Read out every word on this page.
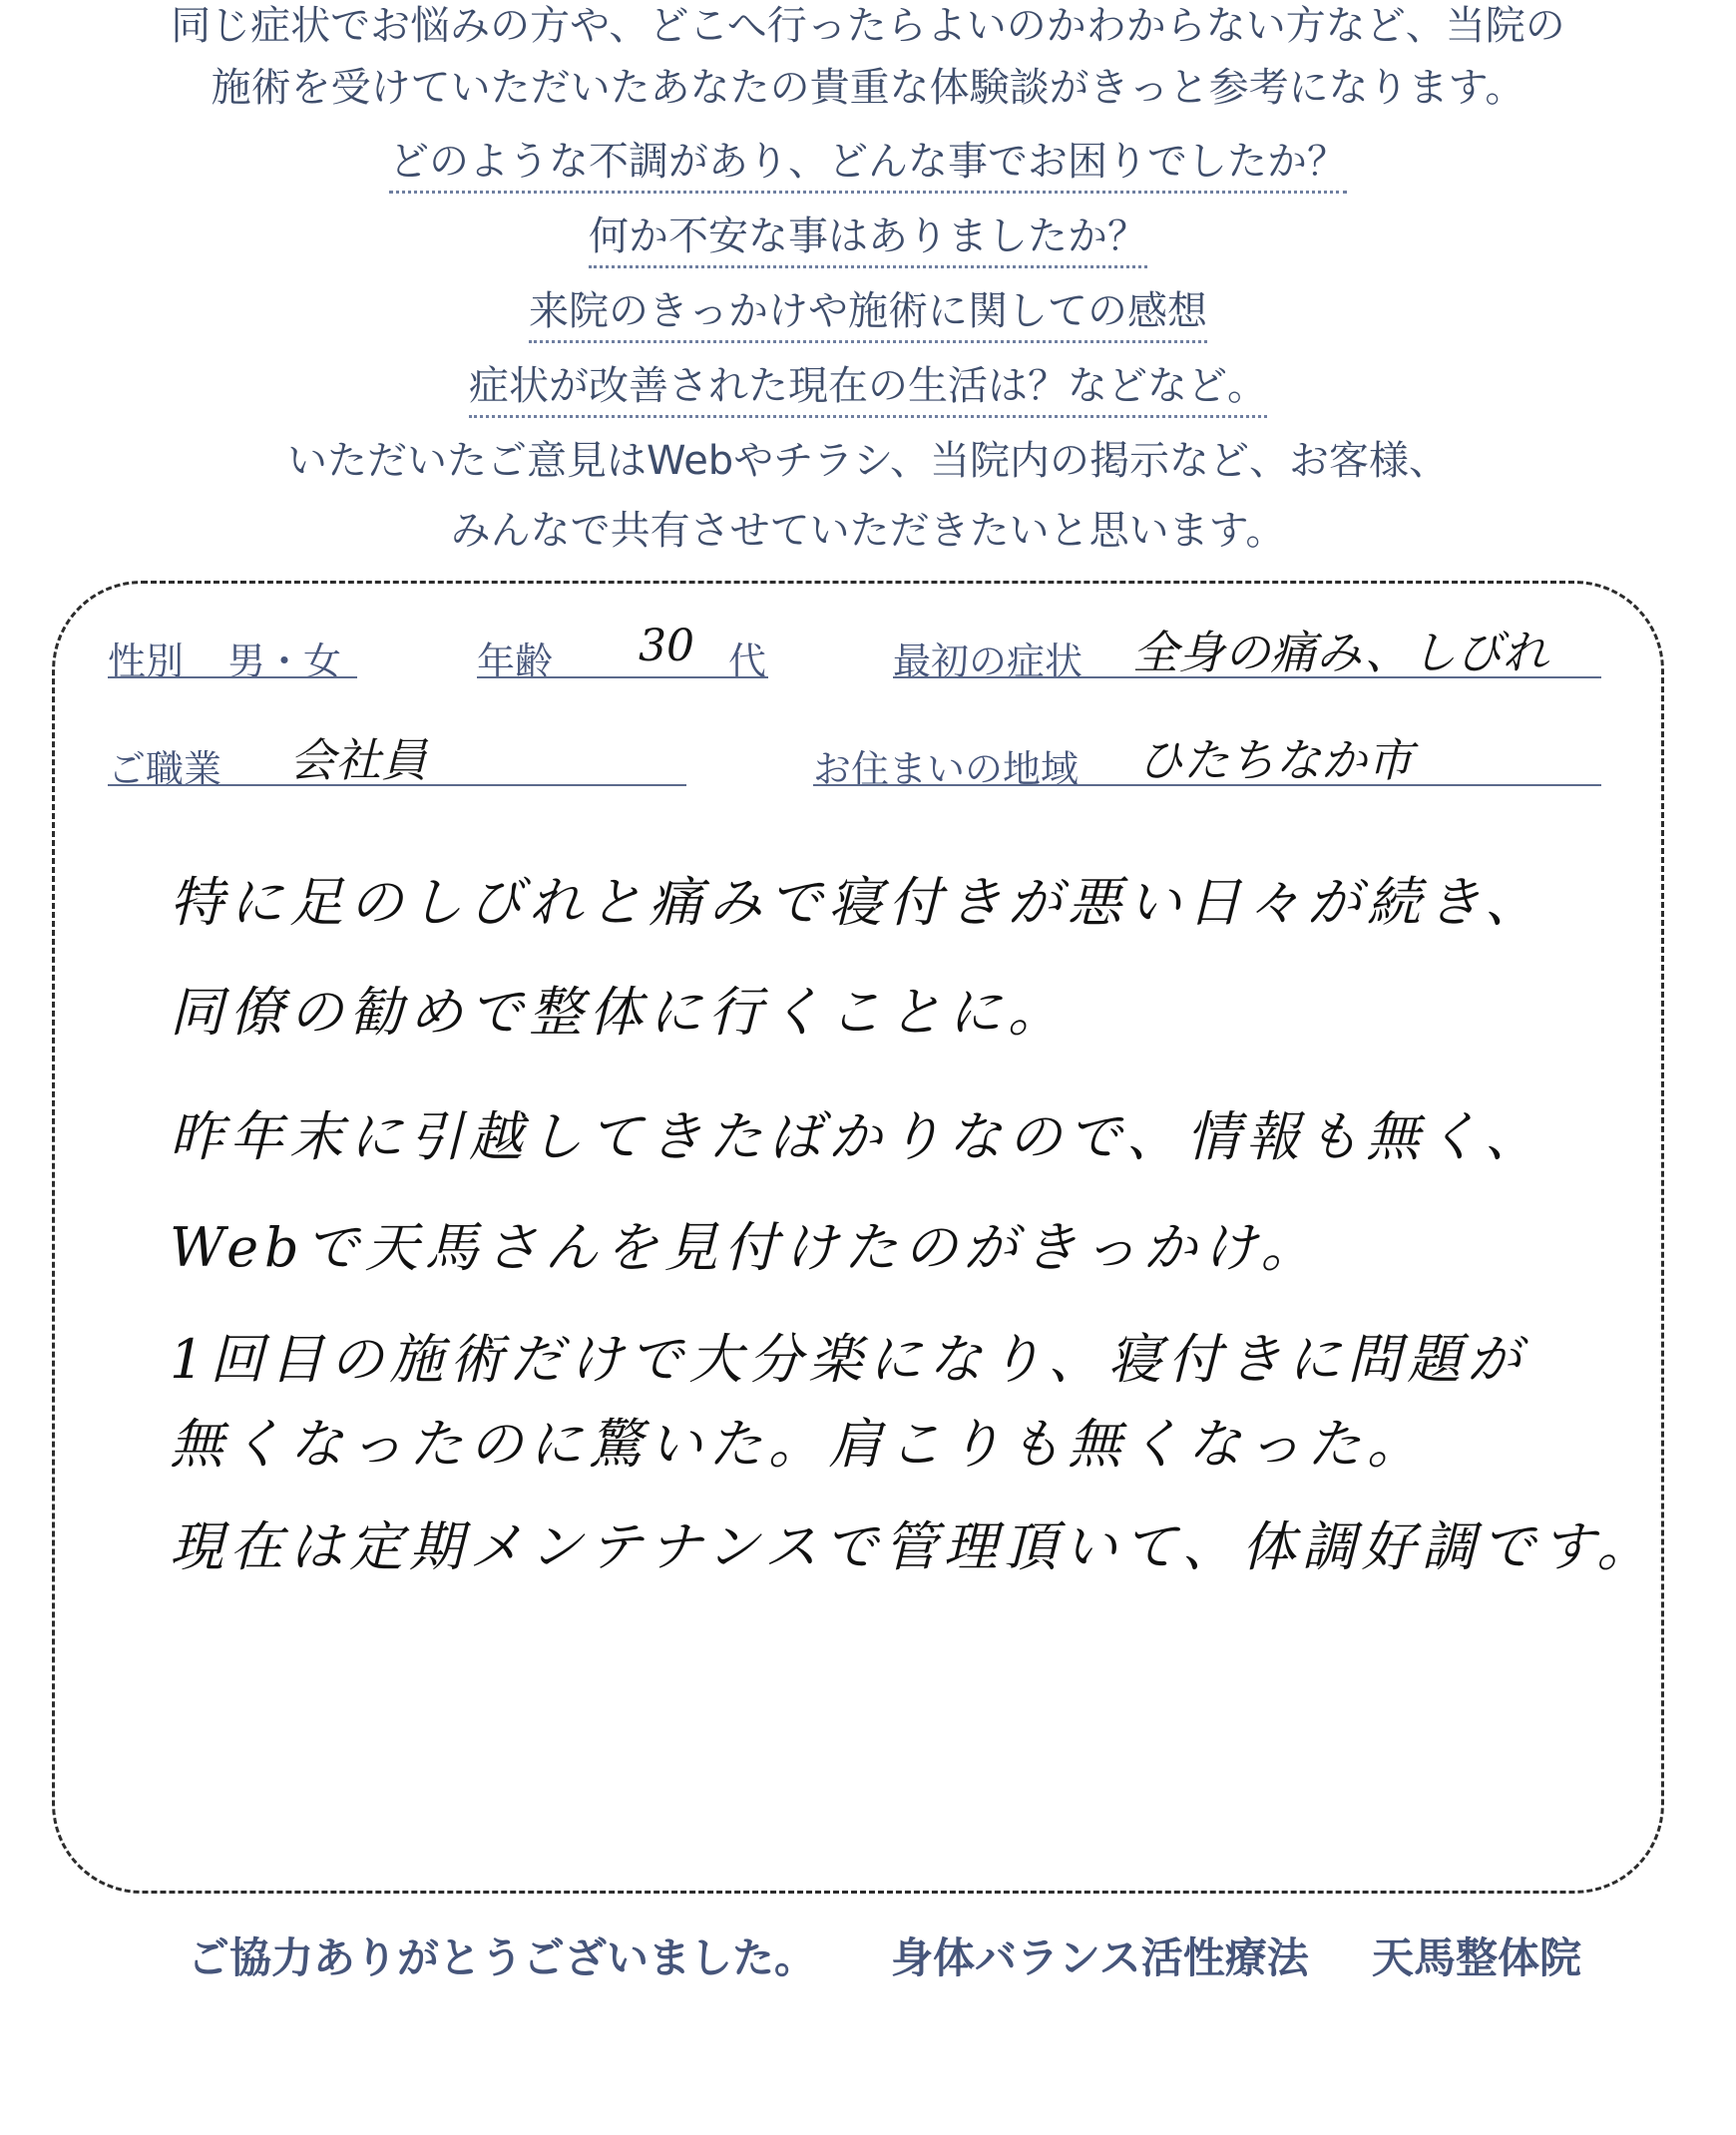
同じ症状でお悩みの方や、どこへ行ったらよいのかわからない方など、当院の
施術を受けていただいたあなたの貴重な体験談がきっと参考になります。
どのような不調があり、どんな事でお困りでしたか？
何か不安な事はありましたか？
来院のきっかけや施術に関しての感想
症状が改善された現在の生活は？などなど。
いただいたご意見はWebやチラシ、当院内の掲示など、お客様、
みんなで共有させていただきたいと思います。
性別 男・女	年齢 30 代	最初の症状 全身の痛み、しびれ
ご職業 会社員	お住まいの地域 ひたちなか市
特に足のしびれと痛みで寝付きが悪い日々が続き、
同僚の勧めで整体に行くことに。
昨年末に引越してきたばかりなので、情報も無く、
Webで天馬さんを見付けたのがきっかけ。
1回目の施術だけで大分楽になり、寝付きに問題が
無くなったのに驚いた。肩こりも無くなった。
現在は定期メンテナンスで管理頂いて、体調好調です。
ご協力ありがとうございました。 身体バランス活性療法 天馬整体院
